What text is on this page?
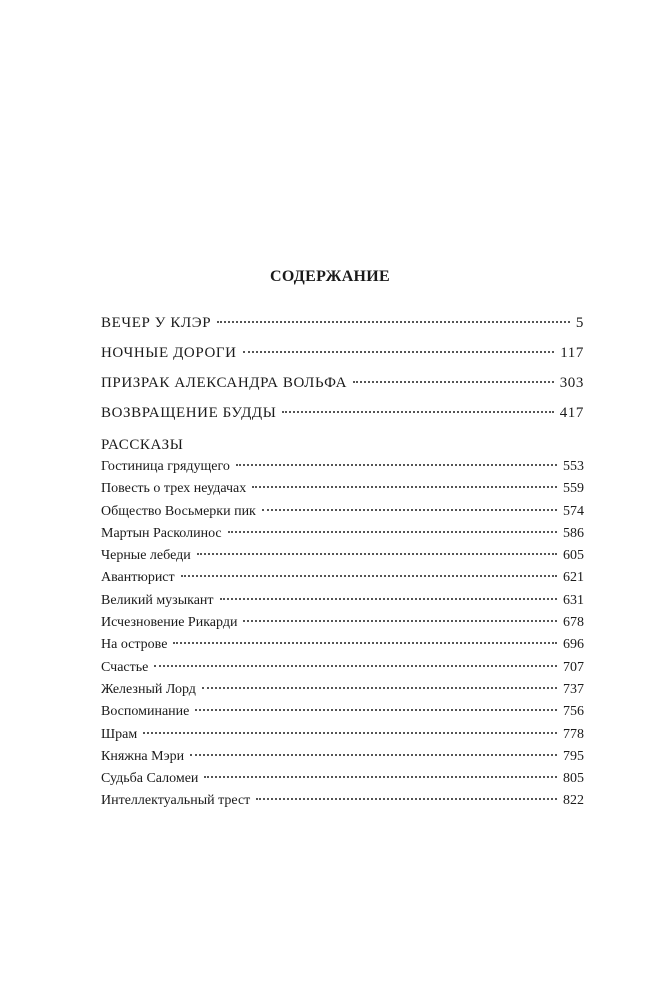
СОДЕРЖАНИЕ
ВЕЧЕР У КЛЭР	5
НОЧНЫЕ ДОРОГИ	117
ПРИЗРАК АЛЕКСАНДРА ВОЛЬФА	303
ВОЗВРАЩЕНИЕ БУДДЫ	417
РАССКАЗЫ
Гостиница грядущего	553
Повесть о трех неудачах	559
Общество Восьмерки пик	574
Мартын Расколинос	586
Черные лебеди	605
Авантюрист	621
Великий музыкант	631
Исчезновение Рикарди	678
На острове	696
Счастье	707
Железный Лорд	737
Воспоминание	756
Шрам	778
Княжна Мэри	795
Судьба Саломеи	805
Интеллектуальный трест	822
